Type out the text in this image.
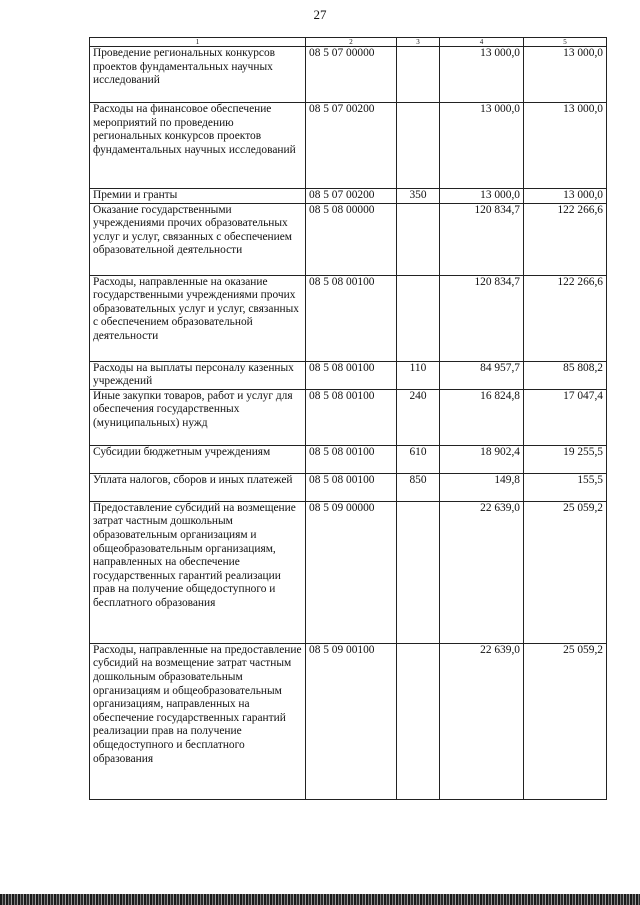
27
1	2	3	4	5
Проведение региональных конкурсов проектов фундаментальных научных исследований	08 5 07 00000		13 000,0	13 000,0
Расходы на финансовое обеспечение мероприятий по проведению региональных конкурсов проектов фундаментальных научных исследований	08 5 07 00200		13 000,0	13 000,0
Премии и гранты	08 5 07 00200	350	13 000,0	13 000,0
Оказание государственными учреждениями прочих образовательных услуг и услуг, связанных с обеспечением образовательной деятельности	08 5 08 00000		120 834,7	122 266,6
Расходы, направленные на оказание государственными учреждениями прочих образовательных услуг и услуг, связанных с обеспечением образовательной деятельности	08 5 08 00100		120 834,7	122 266,6
Расходы на выплаты персоналу казенных учреждений	08 5 08 00100	110	84 957,7	85 808,2
Иные закупки товаров, работ и услуг для обеспечения государственных (муниципальных) нужд	08 5 08 00100	240	16 824,8	17 047,4
Субсидии бюджетным учреждениям	08 5 08 00100	610	18 902,4	19 255,5
Уплата налогов, сборов и иных платежей	08 5 08 00100	850	149,8	155,5
Предоставление субсидий на возмещение затрат частным дошкольным образовательным организациям и общеобразовательным организациям, направленных на обеспечение государственных гарантий реализации прав на получение общедоступного и бесплатного образования	08 5 09 00000		22 639,0	25 059,2
Расходы, направленные на предоставление субсидий на возмещение затрат частным дошкольным образовательным организациям и общеобразовательным организациям, направленных на обеспечение государственных гарантий реализации прав на получение общедоступного и бесплатного образования	08 5 09 00100		22 639,0	25 059,2
